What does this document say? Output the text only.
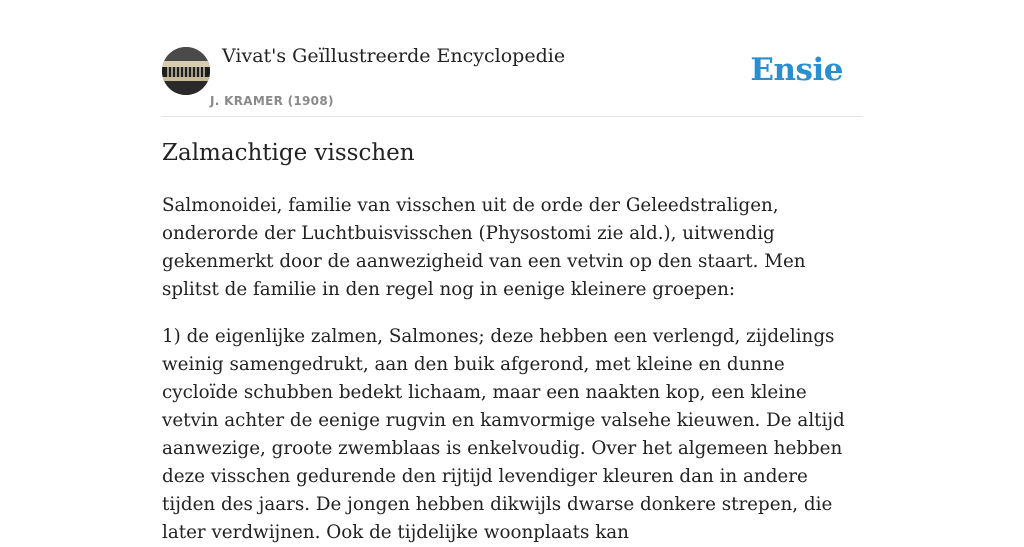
Vivat's Geïllustreerde Encyclopedie
J. KRAMER (1908)
Ensie
Zalmachtige visschen

Salmonoidei, familie van visschen uit de orde der Geleedstraligen, onderorde der Luchtbuisvisschen (Physostomi zie ald.), uitwendig gekenmerkt door de aanwezigheid van een vetvin op den staart. Men splitst de familie in den regel nog in eenige kleinere groepen:

1) de eigenlijke zalmen, Salmones; deze hebben een verlengd, zijdelings weinig samengedrukt, aan den buik afgerond, met kleine en dunne cycloïde schubben bedekt lichaam, maar een naakten kop, een kleine vetvin achter de eenige rugvin en kamvormige valsehe kieuwen. De altijd aanwezige, groote zwemblaas is enkelvoudig. Over het algemeen hebben deze visschen gedurende den rijtijd levendiger kleuren dan in andere tijden des jaars. De jongen hebben dikwijls dwarse donkere strepen, die later verdwijnen. Ook de tijdelijke woonplaats kan
